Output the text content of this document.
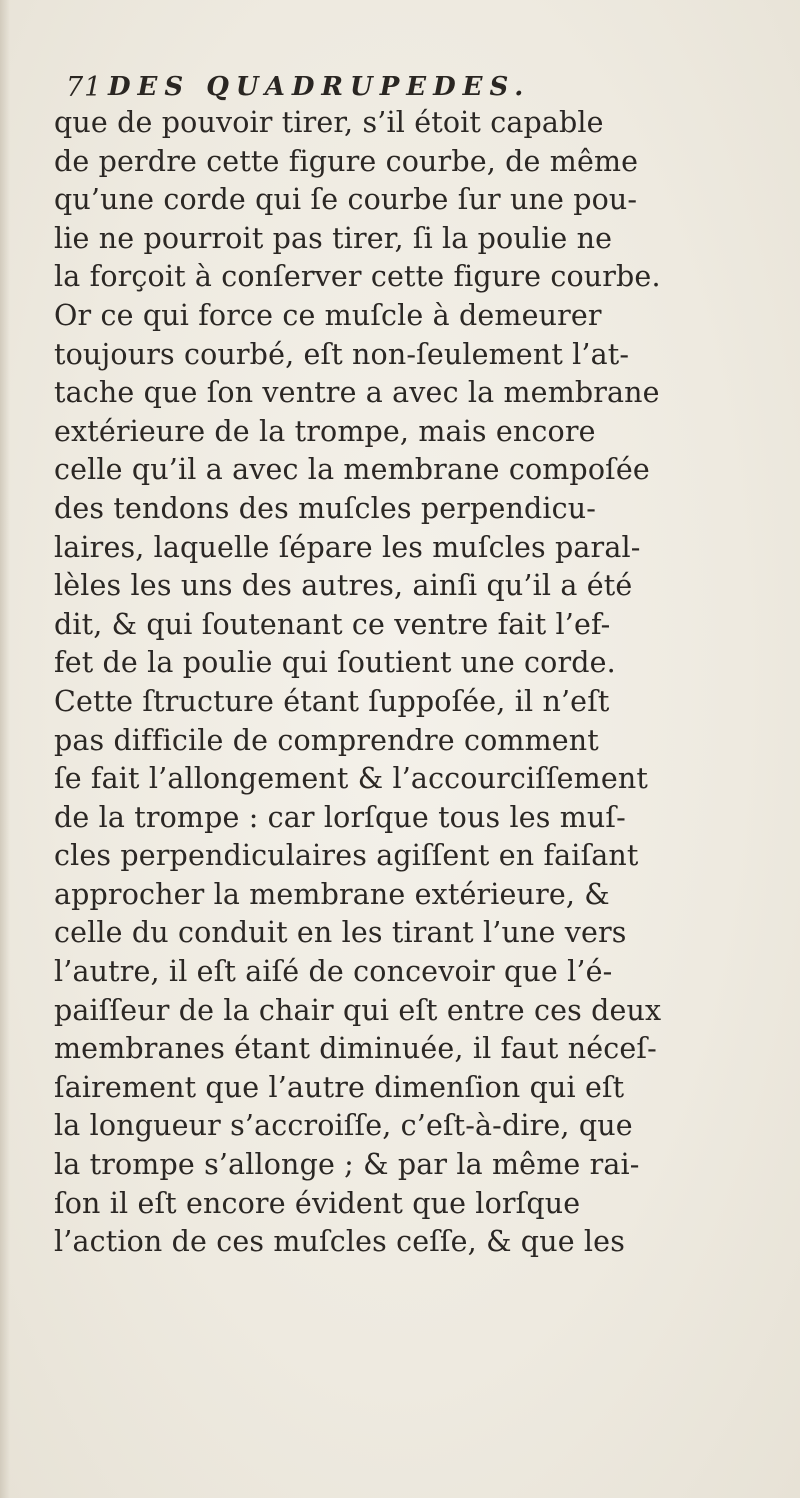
71 DES QUADRUPEDES.
que de pouvoir tirer, s’il étoit capable
de perdre cette figure courbe, de même
qu’une corde qui ſe courbe ſur une pou-
lie ne pourroit pas tirer, ſi la poulie ne
la forçoit à conſerver cette figure courbe.
Or ce qui force ce muſcle à demeurer
toujours courbé, eſt non-ſeulement l’at-
tache que ſon ventre a avec la membrane
extérieure de la trompe, mais encore
celle qu’il a avec la membrane compoſée
des tendons des muſcles perpendicu-
laires, laquelle ſépare les muſcles paral-
lèles les uns des autres, ainſi qu’il a été
dit, & qui ſoutenant ce ventre fait l’ef-
fet de la poulie qui ſoutient une corde.
Cette ſtructure étant ſuppoſée, il n’eſt
pas difficile de comprendre comment
ſe fait l’allongement & l’accourciſſement
de la trompe : car lorſque tous les muſ-
cles perpendiculaires agiſſent en faiſant
approcher la membrane extérieure, &
celle du conduit en les tirant l’une vers
l’autre, il eſt aiſé de concevoir que l’é-
paiſſeur de la chair qui eſt entre ces deux
membranes étant diminuée, il faut néceſ-
ſairement que l’autre dimenſion qui eſt
la longueur s’accroiſſe, c’eſt-à-dire, que
la trompe s’allonge ; & par la même rai-
ſon il eſt encore évident que lorſque
l’action de ces muſcles ceſſe, & que les
